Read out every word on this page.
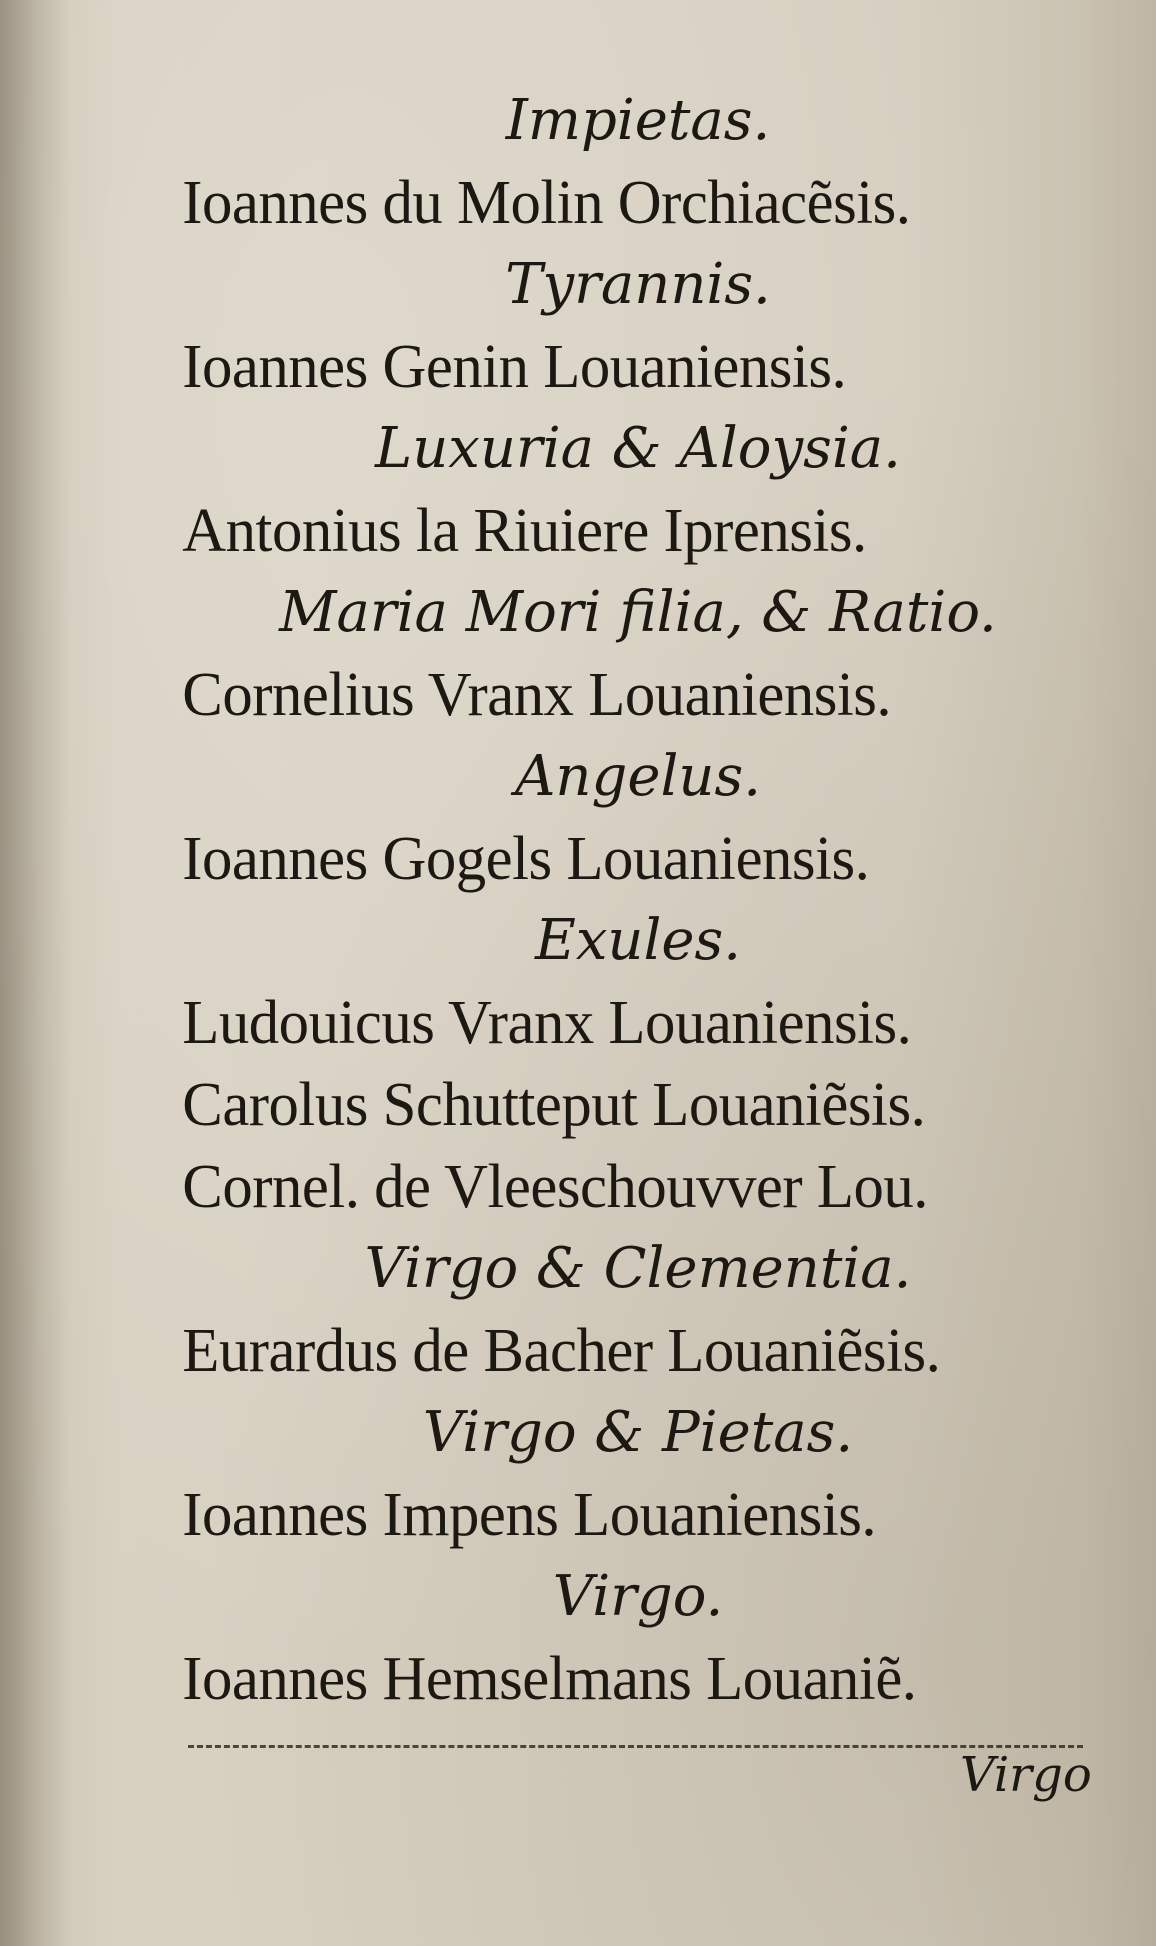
Impietas.
Ioannes du Molin Orchiacẽsis.
Tyrannis.
Ioannes Genin Louaniensis.
Luxuria & Aloysia.
Antonius la Riuiere Iprensis.
Maria Mori filia, & Ratio.
Cornelius Vranx Louaniensis.
Angelus.
Ioannes Gogels Louaniensis.
Exules.
Ludouicus Vranx Louaniensis.
Carolus Schutteput Louaniẽsis.
Cornel. de Vleeschouvver Lou.
Virgo & Clementia.
Eurardus de Bacher Louaniẽsis.
Virgo & Pietas.
Ioannes Impens Louaniensis.
Virgo.
Ioannes Hemselmans Louaniẽ.
Virgo
